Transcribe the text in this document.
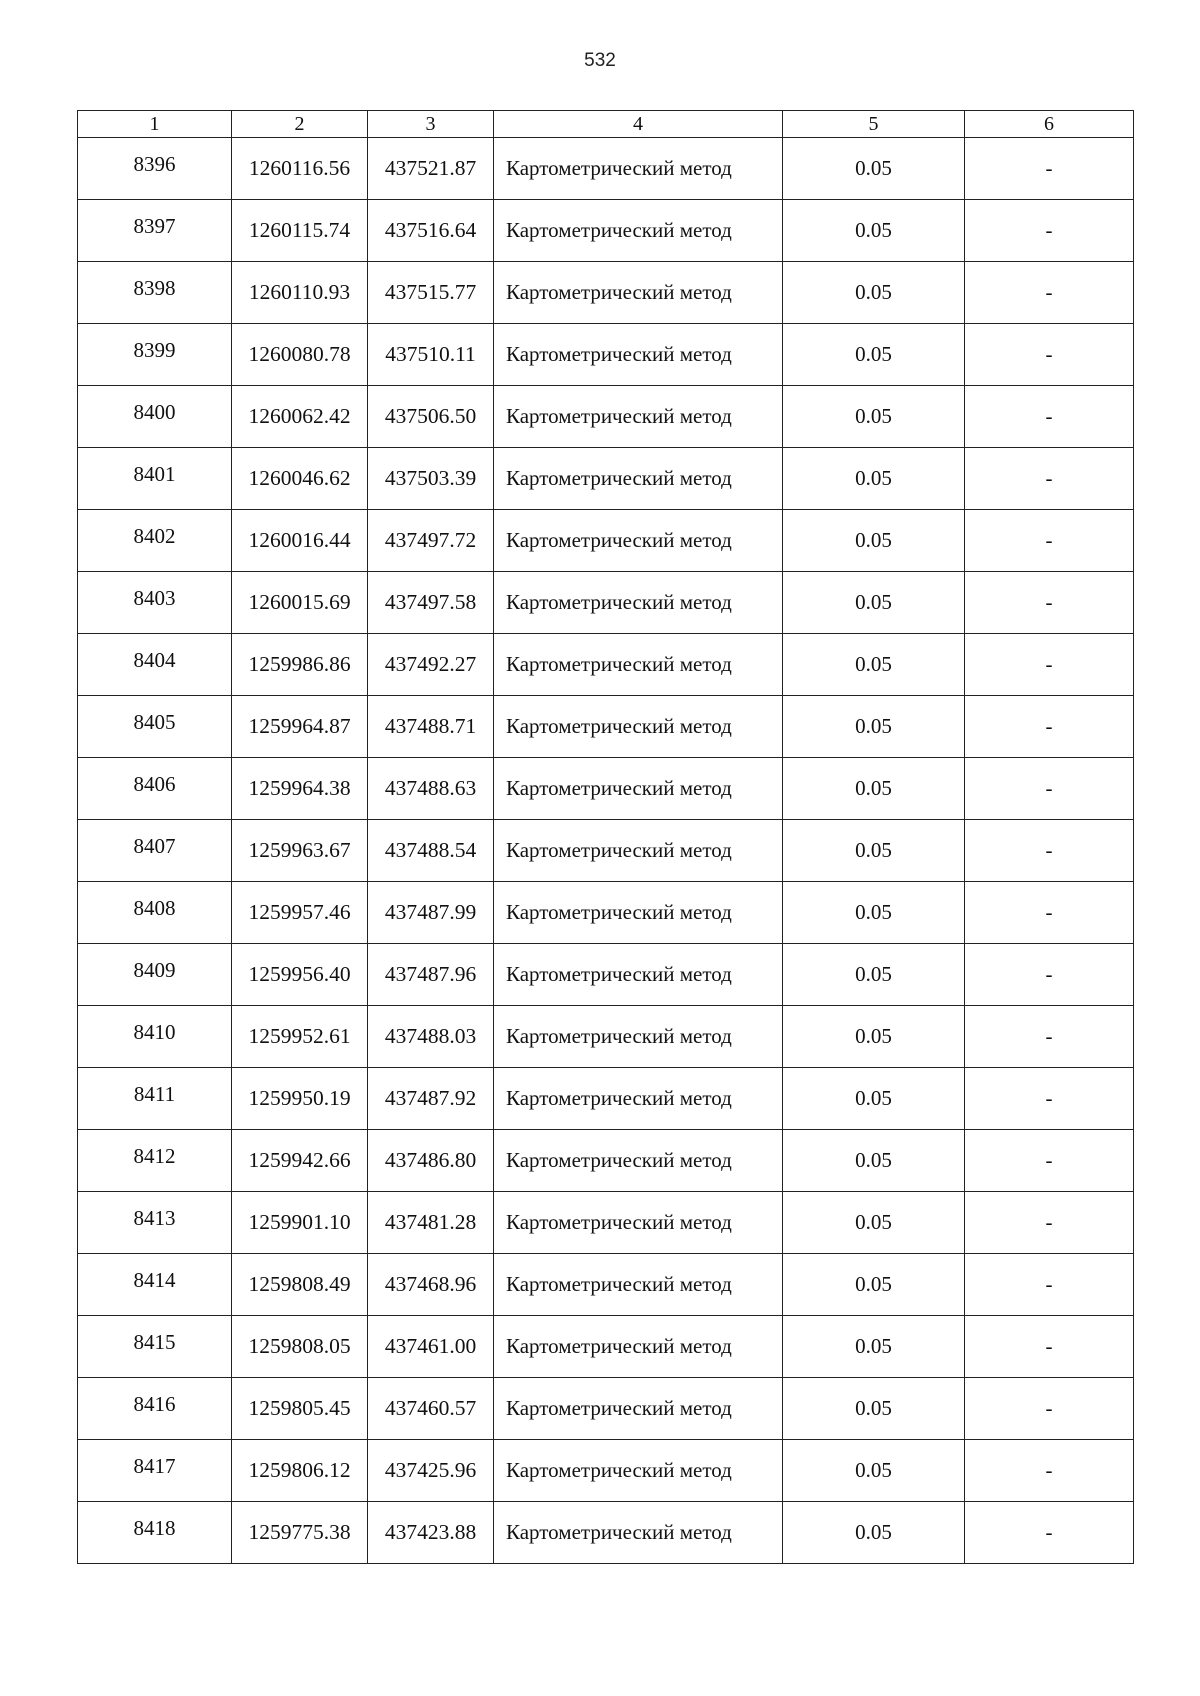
532
1	2	3	4	5	6
8396	1260116.56	437521.87	Картометрический метод	0.05	-
8397	1260115.74	437516.64	Картометрический метод	0.05	-
8398	1260110.93	437515.77	Картометрический метод	0.05	-
8399	1260080.78	437510.11	Картометрический метод	0.05	-
8400	1260062.42	437506.50	Картометрический метод	0.05	-
8401	1260046.62	437503.39	Картометрический метод	0.05	-
8402	1260016.44	437497.72	Картометрический метод	0.05	-
8403	1260015.69	437497.58	Картометрический метод	0.05	-
8404	1259986.86	437492.27	Картометрический метод	0.05	-
8405	1259964.87	437488.71	Картометрический метод	0.05	-
8406	1259964.38	437488.63	Картометрический метод	0.05	-
8407	1259963.67	437488.54	Картометрический метод	0.05	-
8408	1259957.46	437487.99	Картометрический метод	0.05	-
8409	1259956.40	437487.96	Картометрический метод	0.05	-
8410	1259952.61	437488.03	Картометрический метод	0.05	-
8411	1259950.19	437487.92	Картометрический метод	0.05	-
8412	1259942.66	437486.80	Картометрический метод	0.05	-
8413	1259901.10	437481.28	Картометрический метод	0.05	-
8414	1259808.49	437468.96	Картометрический метод	0.05	-
8415	1259808.05	437461.00	Картометрический метод	0.05	-
8416	1259805.45	437460.57	Картометрический метод	0.05	-
8417	1259806.12	437425.96	Картометрический метод	0.05	-
8418	1259775.38	437423.88	Картометрический метод	0.05	-
